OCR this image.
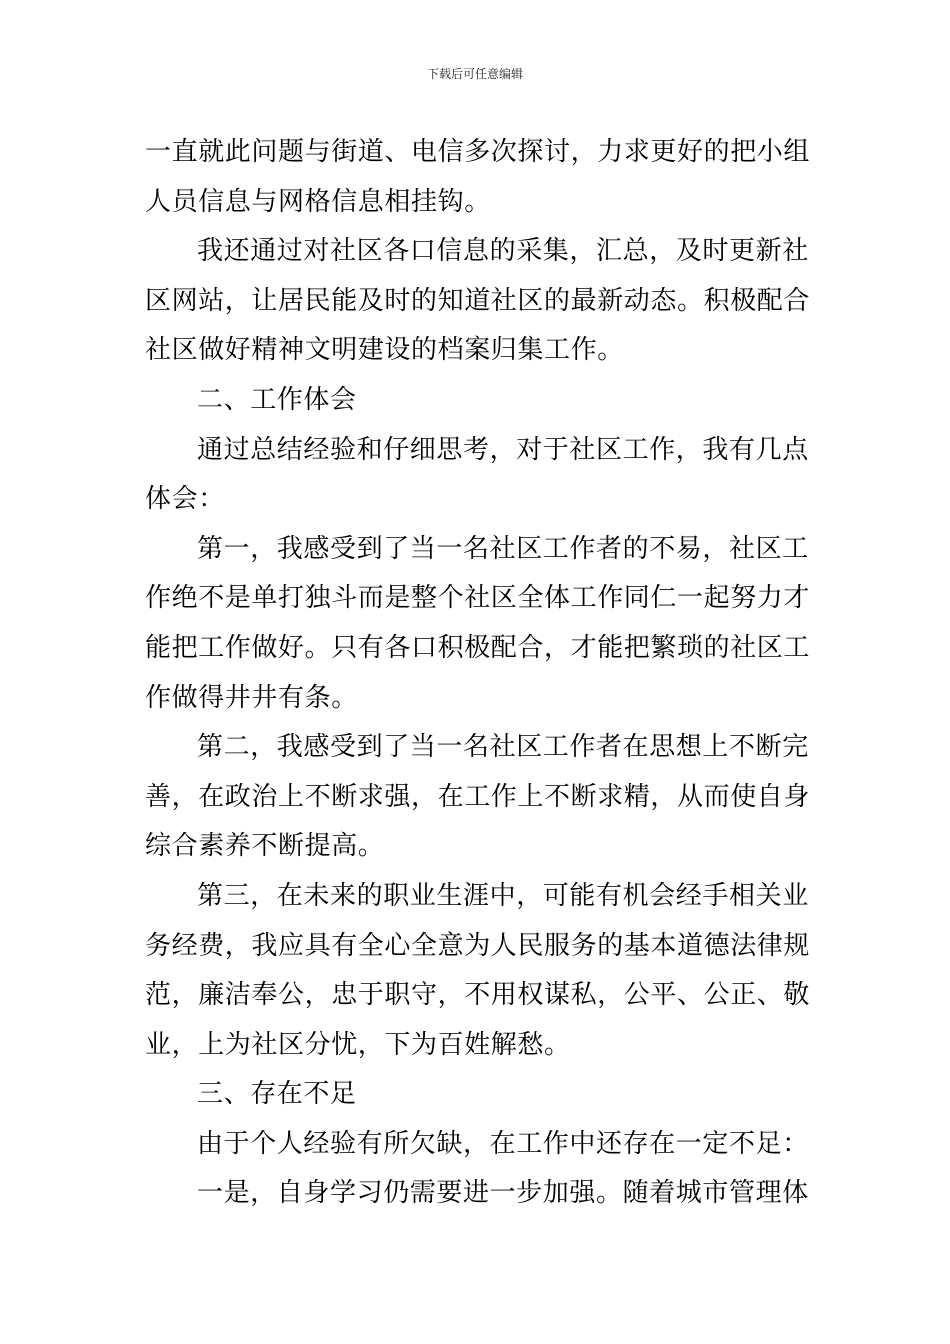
下载后可任意编辑
一直就此问题与街道、电信多次探讨，力求更好的把小组
人员信息与网格信息相挂钩。
我还通过对社区各口信息的采集，汇总，及时更新社
区网站，让居民能及时的知道社区的最新动态。积极配合
社区做好精神文明建设的档案归集工作。
二、工作体会
通过总结经验和仔细思考，对于社区工作，我有几点
体会：
第一，我感受到了当一名社区工作者的不易，社区工
作绝不是单打独斗而是整个社区全体工作同仁一起努力才
能把工作做好。只有各口积极配合，才能把繁琐的社区工
作做得井井有条。
第二，我感受到了当一名社区工作者在思想上不断完
善，在政治上不断求强，在工作上不断求精，从而使自身
综合素养不断提高。
第三，在未来的职业生涯中，可能有机会经手相关业
务经费，我应具有全心全意为人民服务的基本道德法律规
范，廉洁奉公，忠于职守，不用权谋私，公平、公正、敬
业，上为社区分忧，下为百姓解愁。
三、存在不足
由于个人经验有所欠缺，在工作中还存在一定不足：
一是，自身学习仍需要进一步加强。随着城市管理体
